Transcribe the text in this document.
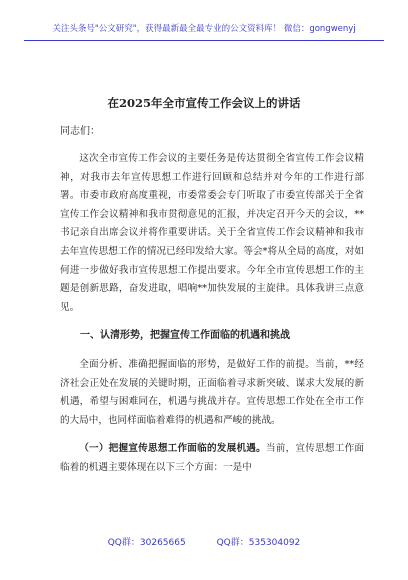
关注头条号"公文研究"，获得最新最全最专业的公文资料库！ 微信：gongwenyj
在2025年全市宣传工作会议上的讲话
同志们：

这次全市宣传工作会议的主要任务是传达贯彻全省宣传工作会议精神，对我市去年宣传思想工作进行回顾和总结并对今年的工作进行部署。市委市政府高度重视，市委常委会专门听取了市委宣传部关于全省宣传工作会议精神和我市贯彻意见的汇报，并决定召开今天的会议，**书记亲自出席会议并将作重要讲话。关于全省宣传工作会议精神和我市去年宣传思想工作的情况已经印发给大家。等会*将从全局的高度，对如何进一步做好我市宣传思想工作提出要求。今年全市宣传思想工作的主题是创新思路，奋发进取，唱响**加快发展的主旋律。具体我讲三点意见。

一、认清形势，把握宣传工作面临的机遇和挑战

全面分析、准确把握面临的形势，是做好工作的前提。当前，**经济社会正处在发展的关键时期，正面临着寻求新突破、谋求大发展的新机遇，希望与困难同在，机遇与挑战并存。宣传思想工作处在全市工作的大局中，也同样面临着难得的机遇和严峻的挑战。

（一）把握宣传思想工作面临的发展机遇。当前，宣传思想工作面临着的机遇主要体现在以下三个方面：一是中

QQ群：30265665	QQ群：535304092
